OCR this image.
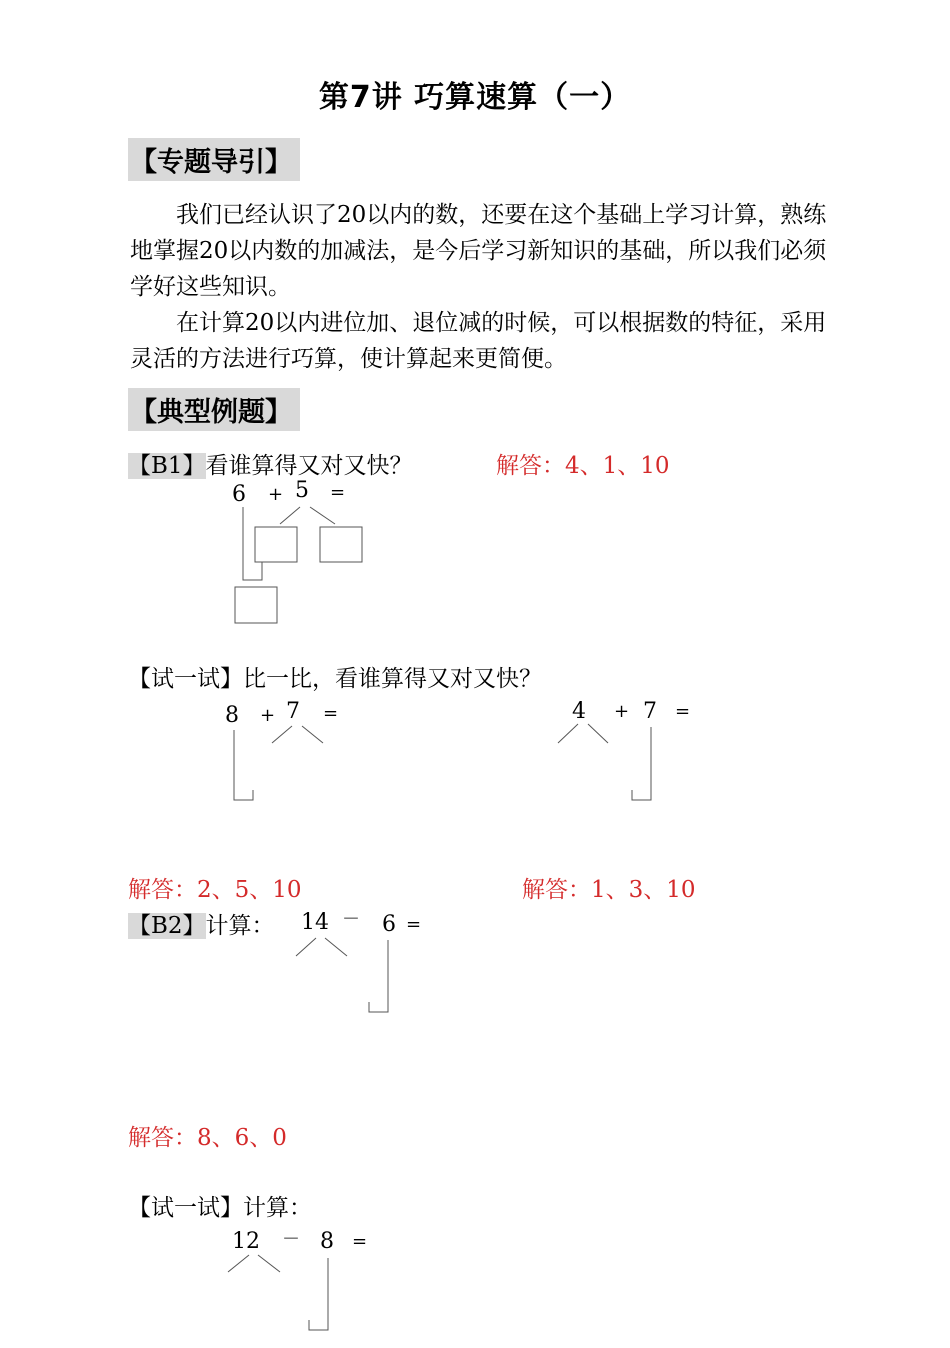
第7讲 巧算速算（一）
【专题导引】

我们已经认识了20以内的数，还要在这个基础上学习计算，熟练地掌握20以内数的加减法，是今后学习新知识的基础，所以我们必须学好这些知识。

在计算20以内进位加、退位减的时候，可以根据数的特征，采用灵活的方法进行巧算，使计算起来更简便。

【典型例题】
【B1】看谁算得又对又快？	解答：4、1、10
6 + 5 =
【试一试】比一比，看谁算得又对又快？
8 + 7 =	4 + 7 =
解答：2、5、10	解答：1、3、10
【B2】计算： 14 － 6 =
解答：8、6、0
【试一试】计算：
12 － 8 =
